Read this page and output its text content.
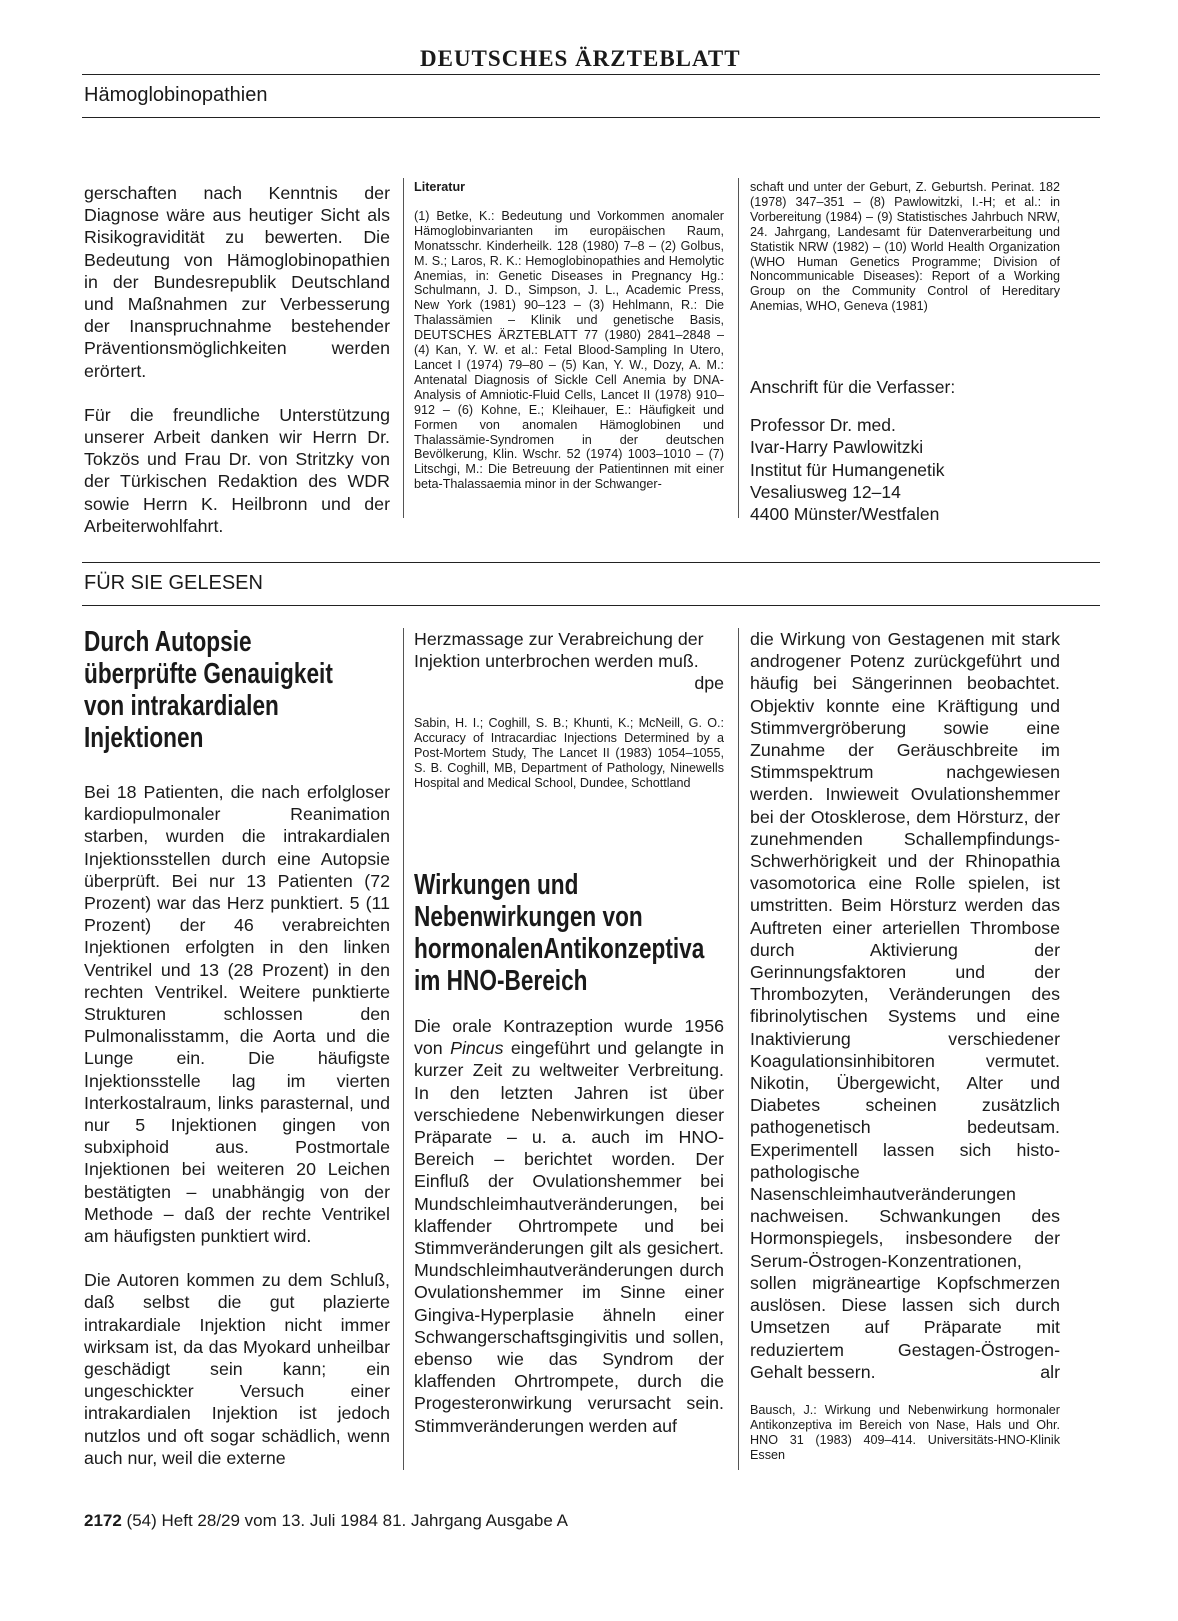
DEUTSCHES ÄRZTEBLATT
Hämoglobinopathien

gerschaften nach Kenntnis der Diagnose wäre aus heutiger Sicht als Risikogravidität zu bewerten. Die Bedeutung von Hämoglobinopathien in der Bundesrepublik Deutschland und Maßnahmen zur Verbesserung der Inanspruchnahme bestehender Präventionsmöglichkeiten werden erörtert.

Für die freundliche Unterstützung unserer Arbeit danken wir Herrn Dr. Tokzös und Frau Dr. von Stritzky von der Türkischen Redaktion des WDR sowie Herrn K. Heilbronn und der Arbeiterwohlfahrt.

Literatur

(1) Betke, K.: Bedeutung und Vorkommen anomaler Hämoglobinvarianten im europäischen Raum, Monatsschr. Kinderheilk. 128 (1980) 7–8 – (2) Golbus, M. S.; Laros, R. K.: Hemoglobinopathies and Hemolytic Anemias, in: Genetic Diseases in Pregnancy Hg.: Schulmann, J. D., Simpson, J. L., Academic Press, New York (1981) 90–123 – (3) Hehlmann, R.: Die Thalassämien – Klinik und genetische Basis, DEUTSCHES ÄRZTEBLATT 77 (1980) 2841–2848 – (4) Kan, Y. W. et al.: Fetal Blood-Sampling In Utero, Lancet I (1974) 79–80 – (5) Kan, Y. W., Dozy, A. M.: Antenatal Diagnosis of Sickle Cell Anemia by DNA-Analysis of Amniotic-Fluid Cells, Lancet II (1978) 910–912 – (6) Kohne, E.; Kleihauer, E.: Häufigkeit und Formen von anomalen Hämoglobinen und Thalassämie-Syndromen in der deutschen Bevölkerung, Klin. Wschr. 52 (1974) 1003–1010 – (7) Litschgi, M.: Die Betreuung der Patientinnen mit einer beta-Thalassaemia minor in der Schwanger-

schaft und unter der Geburt, Z. Geburtsh. Perinat. 182 (1978) 347–351 – (8) Pawlowitzki, I.-H; et al.: in Vorbereitung (1984) – (9) Statistisches Jahrbuch NRW, 24. Jahrgang, Landesamt für Datenverarbeitung und Statistik NRW (1982) – (10) World Health Organization (WHO Human Genetics Programme; Division of Noncommunicable Diseases): Report of a Working Group on the Community Control of Hereditary Anemias, WHO, Geneva (1981)

Anschrift für die Verfasser:

Professor Dr. med.
Ivar-Harry Pawlowitzki
Institut für Humangenetik
Vesaliusweg 12–14
4400 Münster/Westfalen
FÜR SIE GELESEN
Durch Autopsie
überprüfte Genauigkeit
von intrakardialen
Injektionen

Bei 18 Patienten, die nach erfolgloser kardiopulmonaler Reanimation starben, wurden die intrakardialen Injektionsstellen durch eine Autopsie überprüft. Bei nur 13 Patienten (72 Prozent) war das Herz punktiert. 5 (11 Prozent) der 46 verabreichten Injektionen erfolgten in den linken Ventrikel und 13 (28 Prozent) in den rechten Ventrikel. Weitere punktierte Strukturen schlossen den Pulmonalisstamm, die Aorta und die Lunge ein. Die häufigste Injektionsstelle lag im vierten Interkostalraum, links parasternal, und nur 5 Injektionen gingen von subxiphoid aus. Postmortale Injektionen bei weiteren 20 Leichen bestätigten – unabhängig von der Methode – daß der rechte Ventrikel am häufigsten punktiert wird.

Die Autoren kommen zu dem Schluß, daß selbst die gut plazierte intrakardiale Injektion nicht immer wirksam ist, da das Myokard unheilbar geschädigt sein kann; ein ungeschickter Versuch einer intrakardialen Injektion ist jedoch nutzlos und oft sogar schädlich, wenn auch nur, weil die externe

Herzmassage zur Verabreichung der Injektion unterbrochen werden muß.
dpe

Sabin, H. I.; Coghill, S. B.; Khunti, K.; McNeill, G. O.: Accuracy of Intracardiac Injections Determined by a Post-Mortem Study, The Lancet II (1983) 1054–1055, S. B. Coghill, MB, Department of Pathology, Ninewells Hospital and Medical School, Dundee, Schottland

Wirkungen und
Nebenwirkungen von
hormonalenAntikonzeptiva
im HNO-Bereich

Die orale Kontrazeption wurde 1956 von Pincus eingeführt und gelangte in kurzer Zeit zu weltweiter Verbreitung. In den letzten Jahren ist über verschiedene Nebenwirkungen dieser Präparate – u. a. auch im HNO-Bereich – berichtet worden. Der Einfluß der Ovulationshemmer bei Mundschleimhautveränderungen, bei klaffender Ohrtrompete und bei Stimmveränderungen gilt als gesichert. Mundschleimhautveränderungen durch Ovulationshemmer im Sinne einer Gingiva-Hyperplasie ähneln einer Schwangerschaftsgingivitis und sollen, ebenso wie das Syndrom der klaffenden Ohrtrompete, durch die Progesteronwirkung verursacht sein. Stimmveränderungen werden auf

die Wirkung von Gestagenen mit stark androgener Potenz zurückgeführt und häufig bei Sängerinnen beobachtet. Objektiv konnte eine Kräftigung und Stimmvergröberung sowie eine Zunahme der Geräuschbreite im Stimmspektrum nachgewiesen werden. Inwieweit Ovulationshemmer bei der Otosklerose, dem Hörsturz, der zunehmenden Schallempfindungs-Schwerhörigkeit und der Rhinopathia vasomotorica eine Rolle spielen, ist umstritten. Beim Hörsturz werden das Auftreten einer arteriellen Thrombose durch Aktivierung der Gerinnungsfaktoren und der Thrombozyten, Veränderungen des fibrinolytischen Systems und eine Inaktivierung verschiedener Koagulationsinhibitoren vermutet. Nikotin, Übergewicht, Alter und Diabetes scheinen zusätzlich pathogenetisch bedeutsam. Experimentell lassen sich histo-pathologische Nasenschleimhautveränderungen nachweisen. Schwankungen des Hormonspiegels, insbesondere der Serum-Östrogen-Konzentrationen, sollen migräneartige Kopfschmerzen auslösen. Diese lassen sich durch Umsetzen auf Präparate mit reduziertem Gestagen-Östrogen-Gehalt bessern.	alr

Bausch, J.: Wirkung und Nebenwirkung hormonaler Antikonzeptiva im Bereich von Nase, Hals und Ohr. HNO 31 (1983) 409–414. Universitäts-HNO-Klinik Essen

2172 (54) Heft 28/29 vom 13. Juli 1984 81. Jahrgang Ausgabe A
